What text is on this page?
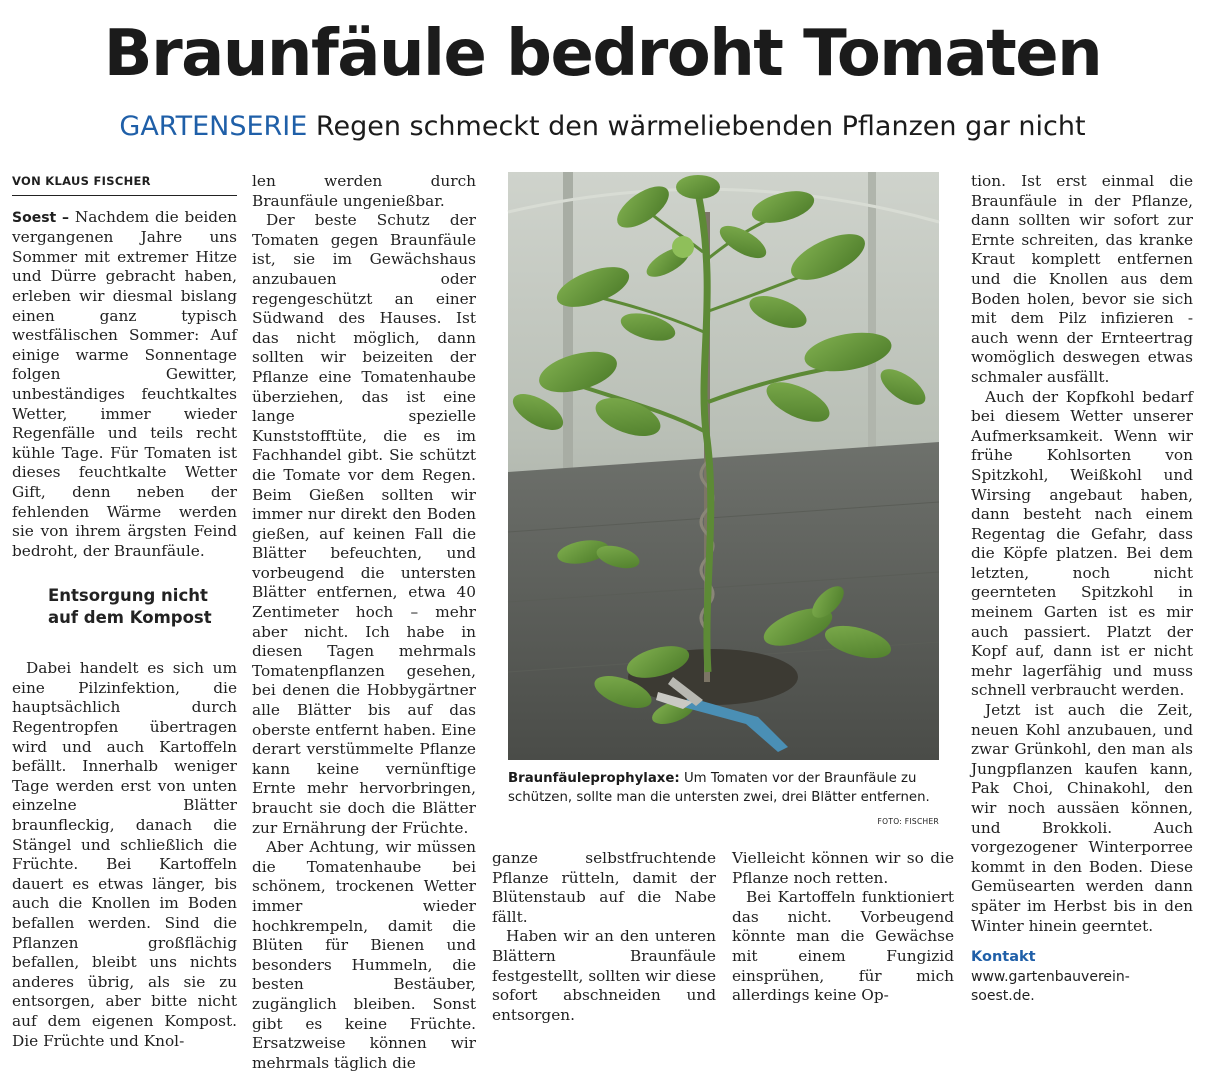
Braunfäule bedroht Tomaten
GARTENSERIE Regen schmeckt den wärmeliebenden Pflanzen gar nicht
VON KLAUS FISCHER

Soest – Nachdem die beiden vergangenen Jahre uns Sommer mit extremer Hitze und Dürre gebracht haben, erleben wir diesmal bislang einen ganz typisch westfälischen Sommer: Auf einige warme Sonnentage folgen Gewitter, unbeständiges feuchtkaltes Wetter, immer wieder Regenfälle und teils recht kühle Tage. Für Tomaten ist dieses feuchtkalte Wetter Gift, denn neben der fehlenden Wärme werden sie von ihrem ärgsten Feind bedroht, der Braunfäule.

Entsorgung nicht auf dem Kompost

Dabei handelt es sich um eine Pilzinfektion, die hauptsächlich durch Regentropfen übertragen wird und auch Kartoffeln befällt. Innerhalb weniger Tage werden erst von unten einzelne Blätter braunfleckig, danach die Stängel und schließlich die Früchte. Bei Kartoffeln dauert es etwas länger, bis auch die Knollen im Boden befallen werden. Sind die Pflanzen großflächig befallen, bleibt uns nichts anderes übrig, als sie zu entsorgen, aber bitte nicht auf dem eigenen Kompost. Die Früchte und Knol-

len werden durch Braunfäule ungenießbar.

Der beste Schutz der Tomaten gegen Braunfäule ist, sie im Gewächshaus anzubauen oder regengeschützt an einer Südwand des Hauses. Ist das nicht möglich, dann sollten wir beizeiten der Pflanze eine Tomatenhaube überziehen, das ist eine lange spezielle Kunststofftüte, die es im Fachhandel gibt. Sie schützt die Tomate vor dem Regen. Beim Gießen sollten wir immer nur direkt den Boden gießen, auf keinen Fall die Blätter befeuchten, und vorbeugend die untersten Blätter entfernen, etwa 40 Zentimeter hoch – mehr aber nicht. Ich habe in diesen Tagen mehrmals Tomatenpflanzen gesehen, bei denen die Hobbygärtner alle Blätter bis auf das oberste entfernt haben. Eine derart verstümmelte Pflanze kann keine vernünftige Ernte mehr hervorbringen, braucht sie doch die Blätter zur Ernährung der Früchte.

Aber Achtung, wir müssen die Tomatenhaube bei schönem, trockenen Wetter immer wieder hochkrempeln, damit die Blüten für Bienen und besonders Hummeln, die besten Bestäuber, zugänglich bleiben. Sonst gibt es keine Früchte. Ersatzweise können wir mehrmals täglich die

Braunfäuleprophylaxe: Um Tomaten vor der Braunfäule zu schützen, sollte man die untersten zwei, drei Blätter entfernen.
FOTO: FISCHER

ganze selbstfruchtende Pflanze rütteln, damit der Blütenstaub auf die Nabe fällt.

Haben wir an den unteren Blättern Braunfäule festgestellt, sollten wir diese sofort abschneiden und entsorgen.

Vielleicht können wir so die Pflanze noch retten.

Bei Kartoffeln funktioniert das nicht. Vorbeugend könnte man die Gewächse mit einem Fungizid einsprühen, für mich allerdings keine Op-

tion. Ist erst einmal die Braunfäule in der Pflanze, dann sollten wir sofort zur Ernte schreiten, das kranke Kraut komplett entfernen und die Knollen aus dem Boden holen, bevor sie sich mit dem Pilz infizieren - auch wenn der Ernteertrag womöglich deswegen etwas schmaler ausfällt.

Auch der Kopfkohl bedarf bei diesem Wetter unserer Aufmerksamkeit. Wenn wir frühe Kohlsorten von Spitzkohl, Weißkohl und Wirsing angebaut haben, dann besteht nach einem Regentag die Gefahr, dass die Köpfe platzen. Bei dem letzten, noch nicht geernteten Spitzkohl in meinem Garten ist es mir auch passiert. Platzt der Kopf auf, dann ist er nicht mehr lagerfähig und muss schnell verbraucht werden.

Jetzt ist auch die Zeit, neuen Kohl anzubauen, und zwar Grünkohl, den man als Jungpflanzen kaufen kann, Pak Choi, Chinakohl, den wir noch aussäen können, und Brokkoli. Auch vorgezogener Winterporree kommt in den Boden. Diese Gemüsearten werden dann später im Herbst bis in den Winter hinein geerntet.

Kontakt
www.gartenbauverein-soest.de.
